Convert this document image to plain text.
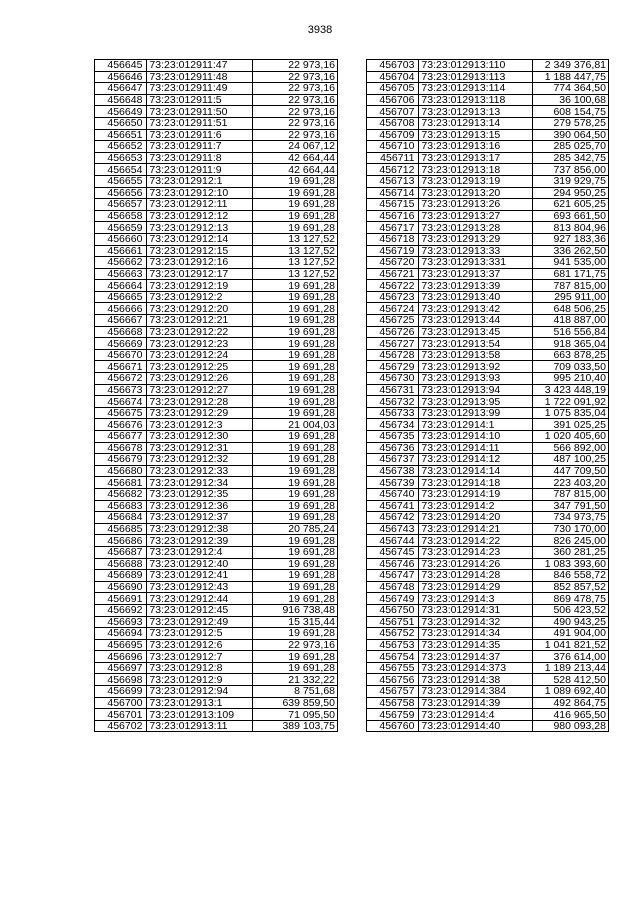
3938
456645	73:23:012911:47	22 973,16
456646	73:23:012911:48	22 973,16
456647	73:23:012911:49	22 973,16
456648	73:23:012911:5	22 973,16
456649	73:23:012911:50	22 973,16
456650	73:23:012911:51	22 973,16
456651	73:23:012911:6	22 973,16
456652	73:23:012911:7	24 067,12
456653	73:23:012911:8	42 664,44
456654	73:23:012911:9	42 664,44
456655	73:23:012912:1	19 691,28
456656	73:23:012912:10	19 691,28
456657	73:23:012912:11	19 691,28
456658	73:23:012912:12	19 691,28
456659	73:23:012912:13	19 691,28
456660	73:23:012912:14	13 127,52
456661	73:23:012912:15	13 127,52
456662	73:23:012912:16	13 127,52
456663	73:23:012912:17	13 127,52
456664	73:23:012912:19	19 691,28
456665	73:23:012912:2	19 691,28
456666	73:23:012912:20	19 691,28
456667	73:23:012912:21	19 691,28
456668	73:23:012912:22	19 691,28
456669	73:23:012912:23	19 691,28
456670	73:23:012912:24	19 691,28
456671	73:23:012912:25	19 691,28
456672	73:23:012912:26	19 691,28
456673	73:23:012912:27	19 691,28
456674	73:23:012912:28	19 691,28
456675	73:23:012912:29	19 691,28
456676	73:23:012912:3	21 004,03
456677	73:23:012912:30	19 691,28
456678	73:23:012912:31	19 691,28
456679	73:23:012912:32	19 691,28
456680	73:23:012912:33	19 691,28
456681	73:23:012912:34	19 691,28
456682	73:23:012912:35	19 691,28
456683	73:23:012912:36	19 691,28
456684	73:23:012912:37	19 691,28
456685	73:23:012912:38	20 785,24
456686	73:23:012912:39	19 691,28
456687	73:23:012912:4	19 691,28
456688	73:23:012912:40	19 691,28
456689	73:23:012912:41	19 691,28
456690	73:23:012912:43	19 691,28
456691	73:23:012912:44	19 691,28
456692	73:23:012912:45	916 738,48
456693	73:23:012912:49	15 315,44
456694	73:23:012912:5	19 691,28
456695	73:23:012912:6	22 973,16
456696	73:23:012912:7	19 691,28
456697	73:23:012912:8	19 691,28
456698	73:23:012912:9	21 332,22
456699	73:23:012912:94	8 751,68
456700	73:23:012913:1	639 859,50
456701	73:23:012913:109	71 095,50
456702	73:23:012913:11	389 103,75
456703	73:23:012913:110	2 349 376,81
456704	73:23:012913:113	1 188 447,75
456705	73:23:012913:114	774 364,50
456706	73:23:012913:118	36 100,68
456707	73:23:012913:13	608 154,75
456708	73:23:012913:14	279 578,25
456709	73:23:012913:15	390 064,50
456710	73:23:012913:16	285 025,70
456711	73:23:012913:17	285 342,75
456712	73:23:012913:18	737 856,00
456713	73:23:012913:19	319 929,75
456714	73:23:012913:20	294 950,25
456715	73:23:012913:26	621 605,25
456716	73:23:012913:27	693 661,50
456717	73:23:012913:28	813 804,96
456718	73:23:012913:29	927 183,36
456719	73:23:012913:33	336 262,50
456720	73:23:012913:331	941 535,00
456721	73:23:012913:37	681 171,75
456722	73:23:012913:39	787 815,00
456723	73:23:012913:40	295 911,00
456724	73:23:012913:42	648 506,25
456725	73:23:012913:44	418 887,00
456726	73:23:012913:45	516 556,84
456727	73:23:012913:54	918 365,04
456728	73:23:012913:58	663 878,25
456729	73:23:012913:92	709 033,50
456730	73:23:012913:93	995 210,40
456731	73:23:012913:94	3 423 448,19
456732	73:23:012913:95	1 722 091,92
456733	73:23:012913:99	1 075 835,04
456734	73:23:012914:1	391 025,25
456735	73:23:012914:10	1 020 405,60
456736	73:23:012914:11	566 892,00
456737	73:23:012914:12	487 100,25
456738	73:23:012914:14	447 709,50
456739	73:23:012914:18	223 403,20
456740	73:23:012914:19	787 815,00
456741	73:23:012914:2	347 791,50
456742	73:23:012914:20	734 973,75
456743	73:23:012914:21	730 170,00
456744	73:23:012914:22	826 245,00
456745	73:23:012914:23	360 281,25
456746	73:23:012914:26	1 083 393,60
456747	73:23:012914:28	846 558,72
456748	73:23:012914:29	852 857,52
456749	73:23:012914:3	869 478,75
456750	73:23:012914:31	506 423,52
456751	73:23:012914:32	490 943,25
456752	73:23:012914:34	491 904,00
456753	73:23:012914:35	1 041 821,52
456754	73:23:012914:37	376 614,00
456755	73:23:012914:373	1 189 213,44
456756	73:23:012914:38	528 412,50
456757	73:23:012914:384	1 089 692,40
456758	73:23:012914:39	492 864,75
456759	73:23:012914:4	416 965,50
456760	73:23:012914:40	980 093,28
